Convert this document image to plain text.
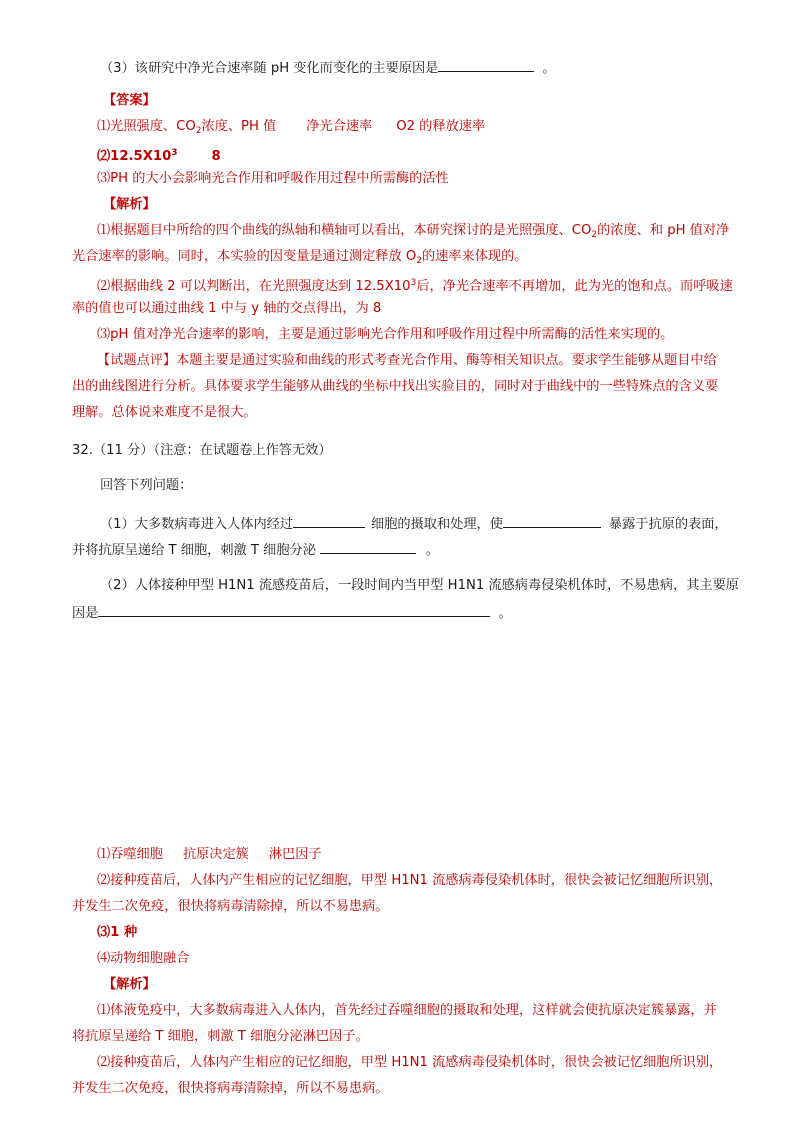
（3）该研究中净光合速率随 pH 变化而变化的主要原因是	。
【答案】
⑴光照强度、$CO_2$浓度、PH 值 净光合速率 O2 的释放速率
$⑵12.5X10^3$	8
⑶PH 的大小会影响光合作用和呼吸作用过程中所需酶的活性
【解析】
⑴根据题目中所给的四个曲线的纵轴和横轴可以看出，本研究探讨的是光照强度、$CO_2$的浓度、和 pH 值对净
光合速率的影响。同时，本实验的因变量是通过测定释放 $O_2$的速率来体现的。
⑵根据曲线 2 可以判断出，在光照强度达到 $12.5X10^3$后，净光合速率不再增加，此为光的饱和点。而呼吸速
率的值也可以通过曲线 1 中与 y 轴的交点得出，为 8
⑶pH 值对净光合速率的影响，主要是通过影响光合作用和呼吸作用过程中所需酶的活性来实现的。
【试题点评】本题主要是通过实验和曲线的形式考查光合作用、酶等相关知识点。要求学生能够从题目中给
出的曲线图进行分析。具体要求学生能够从曲线的坐标中找出实验目的，同时对于曲线中的一些特殊点的含义要
理解。总体说来难度不是很大。
32.（11 分）（注意：在试题卷上作答无效）
回答下列问题：
（1）大多数病毒进入人体内经过	细胞的摄取和处理，使	暴露于抗原的表面，
并将抗原呈递给 T 细胞，刺激 T 细胞分泌	。
（2）人体接种甲型 H1N1 流感疫苗后，一段时间内当甲型 H1N1 流感病毒侵染机体时，不易患病，其主要原
因是	。
⑴吞噬细胞 抗原决定簇 淋巴因子
⑵接种疫苗后，人体内产生相应的记忆细胞，甲型 H1N1 流感病毒侵染机体时，很快会被记忆细胞所识别，
并发生二次免疫，很快将病毒清除掉，所以不易患病。
⑶1 种
⑷动物细胞融合
【解析】
⑴体液免疫中，大多数病毒进入人体内，首先经过吞噬细胞的摄取和处理，这样就会使抗原决定簇暴露，并
将抗原呈递给 T 细胞，刺激 T 细胞分泌淋巴因子。
⑵接种疫苗后，人体内产生相应的记忆细胞，甲型 H1N1 流感病毒侵染机体时，很快会被记忆细胞所识别，
并发生二次免疫，很快将病毒清除掉，所以不易患病。
